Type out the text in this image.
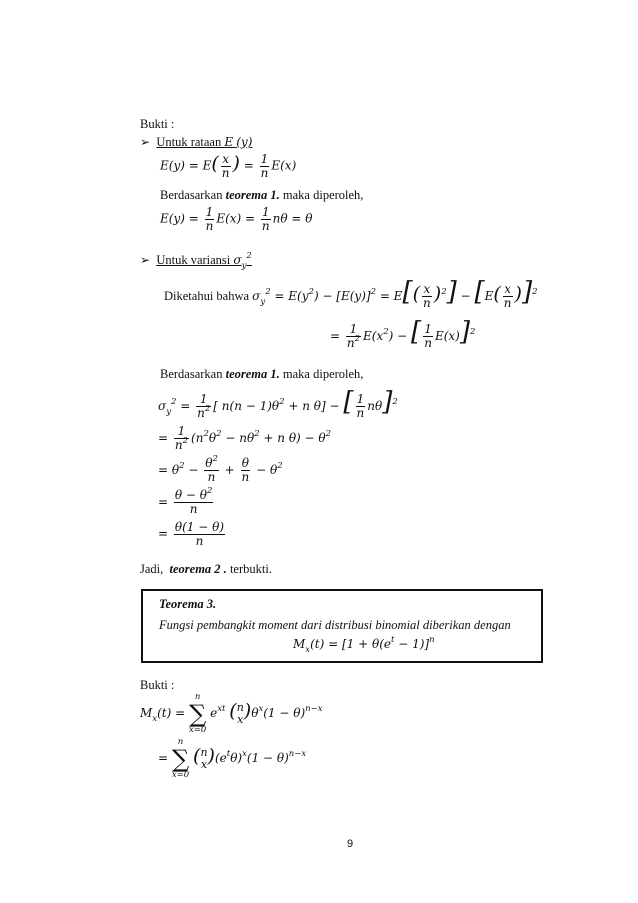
Bukti :
➢ Untuk rataan E (y)
$E(y) = E( \frac{x}{n}$ ) = $\frac{1}{n} E(x)$
Berdasarkan teorema 1. maka diperoleh,
$E(y) = \frac{1}{n} E(x) = \frac{1}{n}$ nθ = θ
➢ Untuk variansi $\sigma_y^2$
Diketahui bahwa $\sigma_y^2 = E(y^2) - [E(y)]^2 = E[( \frac{x}{n} )^2] - [E( \frac{x}{n} )]^2$
= $\frac{1}{n^2} E(x^2)$ − [ $\frac{1}{n} E(x)]^2$
Berdasarkan teorema 1. maka diperoleh,
$\sigma_y^2 = \frac{1}{n^2}$ [ $n(n - 1)\theta^2 + n$ θ] − [ $\frac{1}{n} n\theta]^2$
= $\frac{1}{n^2} (n^2\theta^2 - n\theta^2 + n$ $\theta) - \theta^2$
= $\theta^2 - \frac{\theta^2}{n} + \frac{\theta}{n} - \theta^2$
= $\frac{\theta - \theta^2}{n}$
= $\frac{\theta(1 - \theta)}{n}$
Jadi, teorema 2 . terbukti.
Teorema 3.
Fungsi pembangkit moment dari distribusi binomial diberikan dengan
$M_x(t) = [1 + \theta(e^t - 1)]^n$
Bukti :
$M_x(t)$ =
n
∑
x=0
$e^{xt}$ ( n
x )$\theta^x(1 - \theta)^{n-x}$
=
n
∑
x=0
( n
x )$(e^t\theta)^x(1 - \theta)^{n-x}$
9
